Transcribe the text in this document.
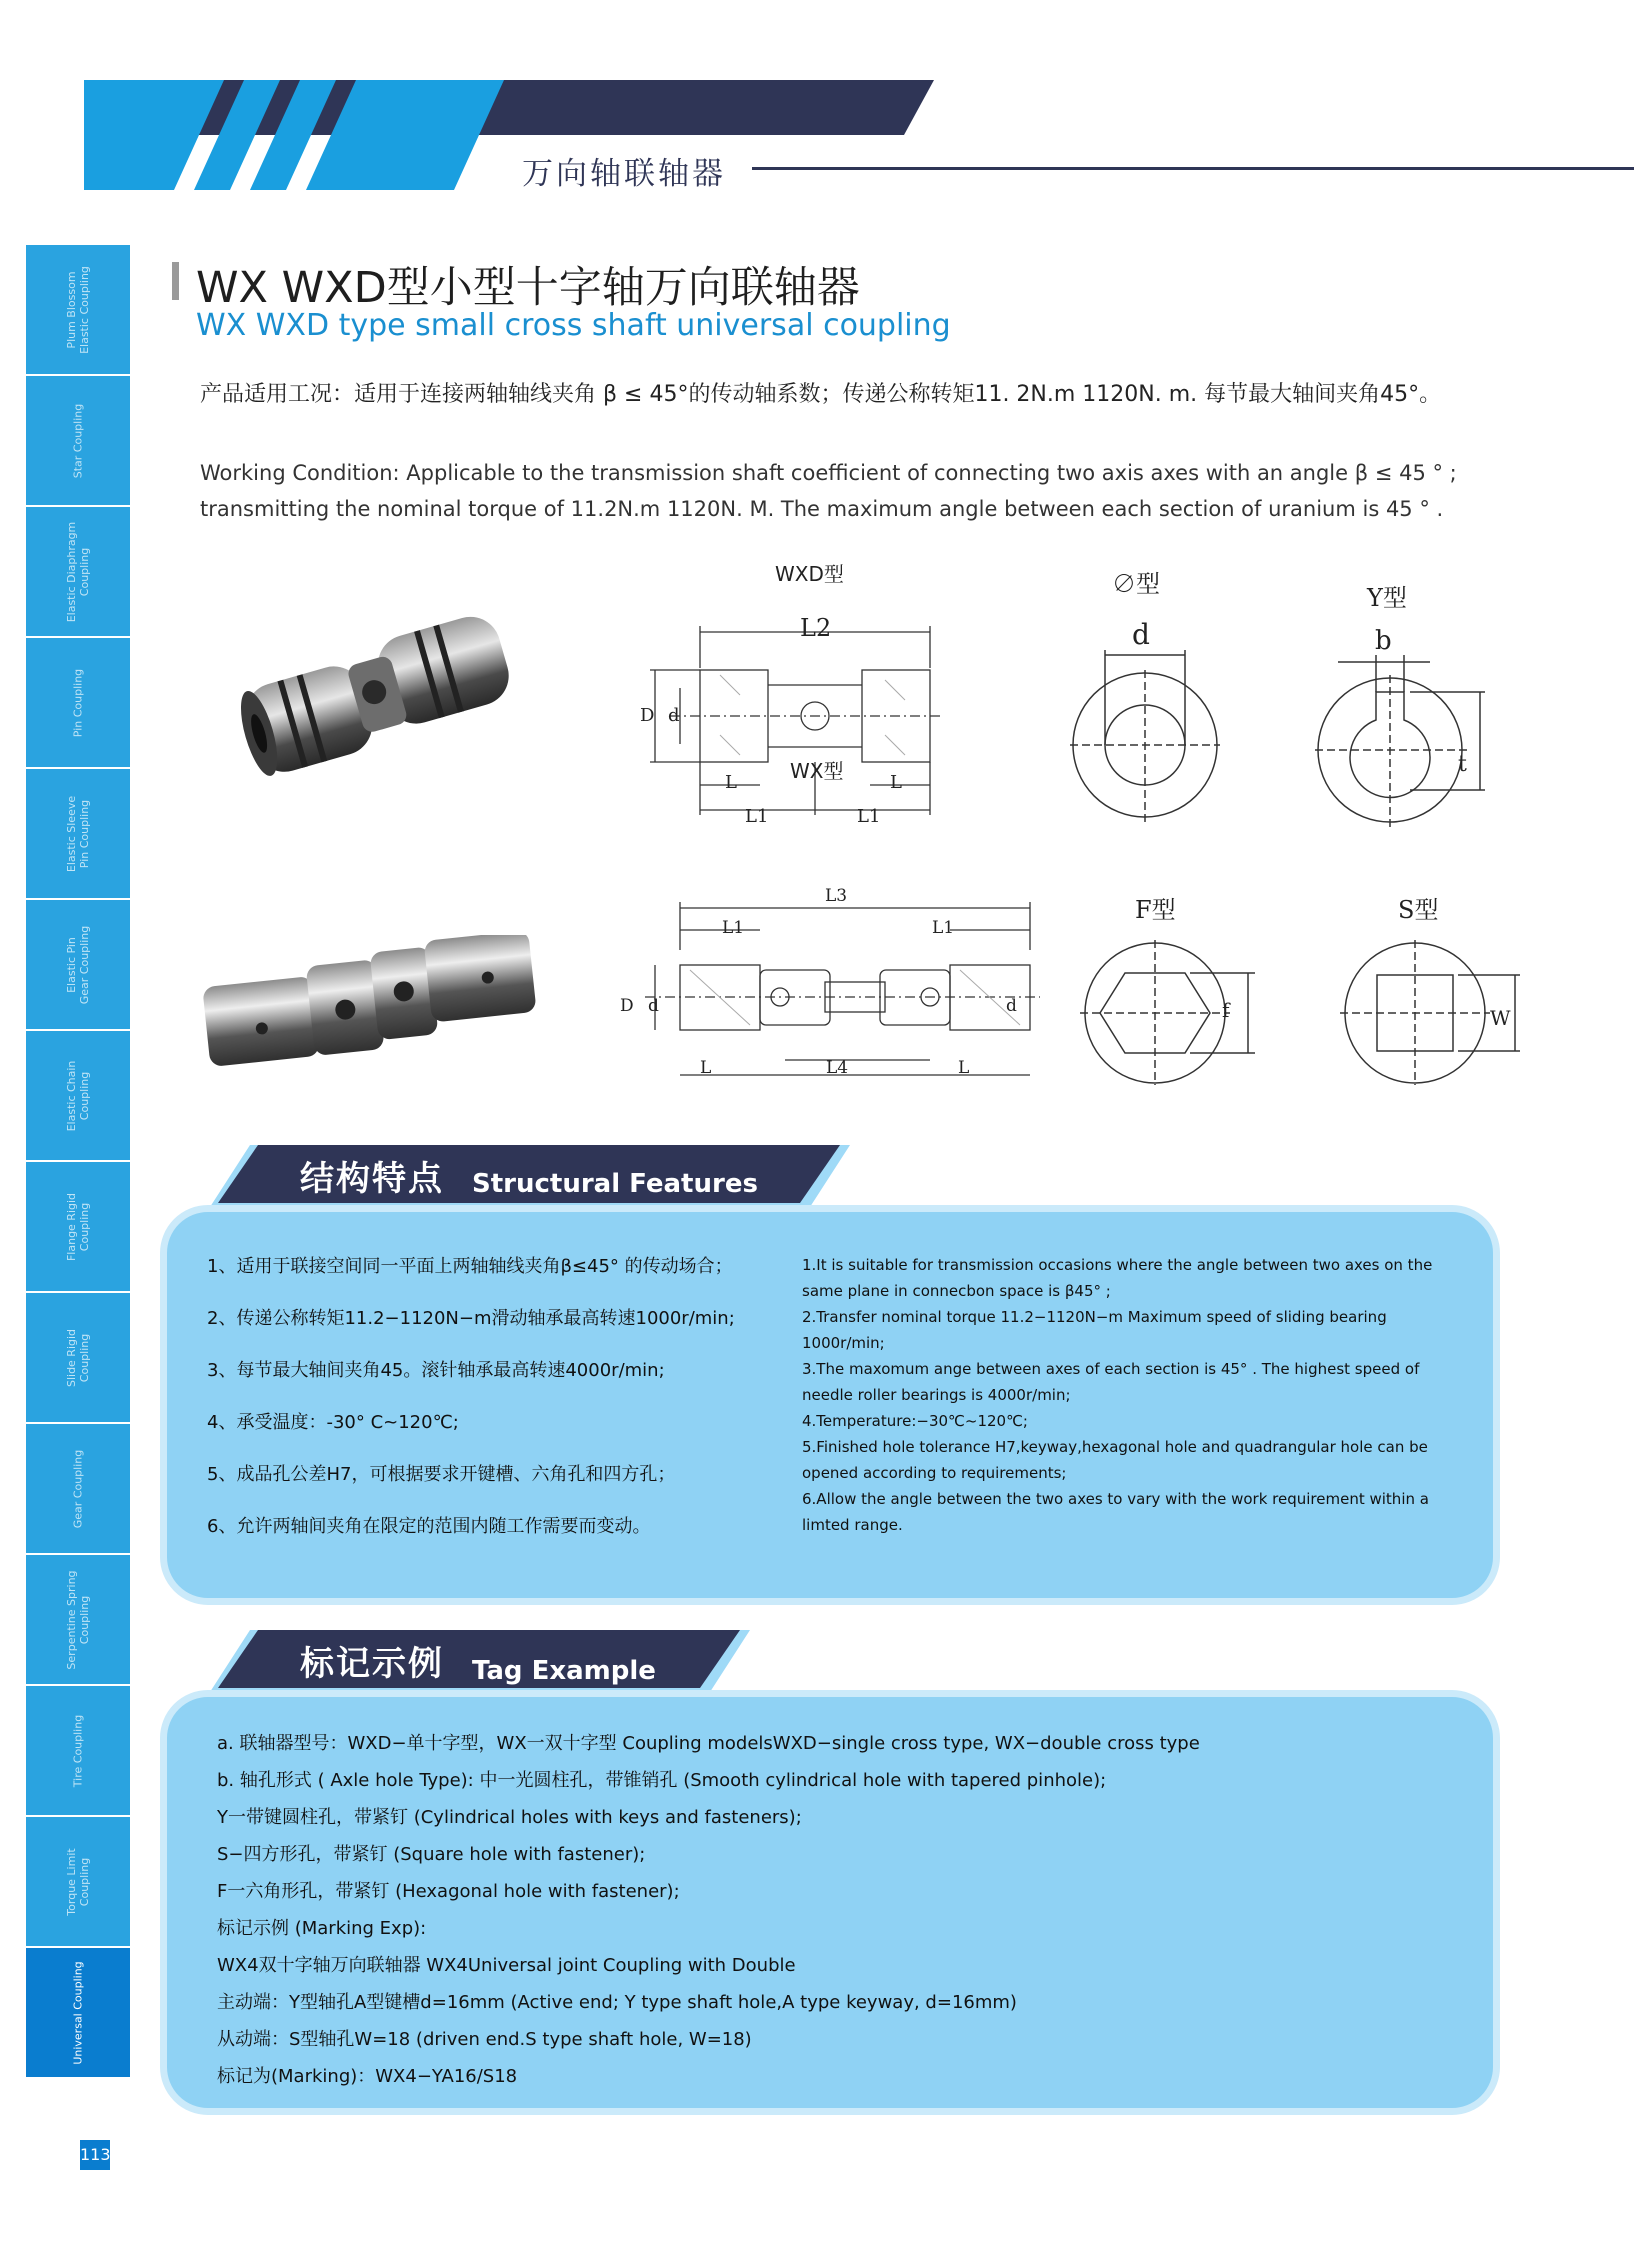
万向轴联轴器
Plum Blossom
Elastic Coupling
Star Coupling
Elastic Diaphragm
Coupling
Pin Coupling
Elastic Sleeve
Pin Coupling
Elastic Pin
Gear Coupling
Elastic Chain
Coupling
Flange Rigid
Coupling
Slide Rigid
Coupling
Gear Coupling
Serpentine Spring
Coupling
Tire Coupling
Torque Limit
Coupling
Universal Coupling
113
WX WXD型小型十字轴万向联轴器
WX WXD type small cross shaft universal coupling
产品适用工况：适用于连接两轴轴线夹角 β ≤ 45°的传动轴系数；传递公称转矩11. 2N.m 1120N. m. 每节最大轴间夹角45°。
Working Condition: Applicable to the transmission shaft coefficient of connecting two axis axes with an angle β ≤ 45 ° ; transmitting the nominal torque of 11.2N.m 1120N. M. The maximum angle between each section of uranium is 45 ° .
WXD型
L2
D d
WX型
L	L
L1	L1
L3
L1	L1
D d	d
L	L4	L
∅型
d
Y型
b
t
F型
f
S型
W
结构特点 Structural Features
1、适用于联接空间同一平面上两轴轴线夹角β≤45° 的传动场合；
2、传递公称转矩11.2−1120N−m滑动轴承最高转速1000r/min;
3、每节最大轴间夹角45。滚针轴承最高转速4000r/min;
4、承受温度：-30° C~120℃;
5、成品孔公差H7，可根据要求开键槽、六角孔和四方孔；
6、允许两轴间夹角在限定的范围内随工作需要而变动。
1.It is suitable for transmission occasions where the angle between two axes on the same plane in connecbon space is β45° ;
2.Transfer nominal torque 11.2−1120N−m Maximum speed of sliding bearing 1000r/min;
3.The maxomum ange between axes of each section is 45° . The highest speed of needle roller bearings is 4000r/min;
4.Temperature:−30℃~120℃;
5.Finished hole tolerance H7,keyway,hexagonal hole and quadrangular hole can be opened according to requirements;
6.Allow the angle between the two axes to vary with the work requirement within a limted range.
标记示例 Tag Example
a. 联轴器型号：WXD−单十字型，WX一双十字型 Coupling modelsWXD−single cross type, WX−double cross type
b. 轴孔形式 ( Axle hole Type): 中一光圆柱孔，带锥销孔 (Smooth cylindrical hole with tapered pinhole);
Y一带键圆柱孔，带紧钉 (Cylindrical holes with keys and fasteners);
S−四方形孔，带紧钉 (Square hole with fastener);
F一六角形孔，带紧钉 (Hexagonal hole with fastener);
标记示例 (Marking Exp):
WX4双十字轴万向联轴器 WX4Universal joint Coupling with Double
主动端：Y型轴孔A型键槽d=16mm (Active end; Y type shaft hole,A type keyway, d=16mm)
从动端：S型轴孔W=18 (driven end.S type shaft hole, W=18)
标记为(Marking)：WX4−YA16/S18
